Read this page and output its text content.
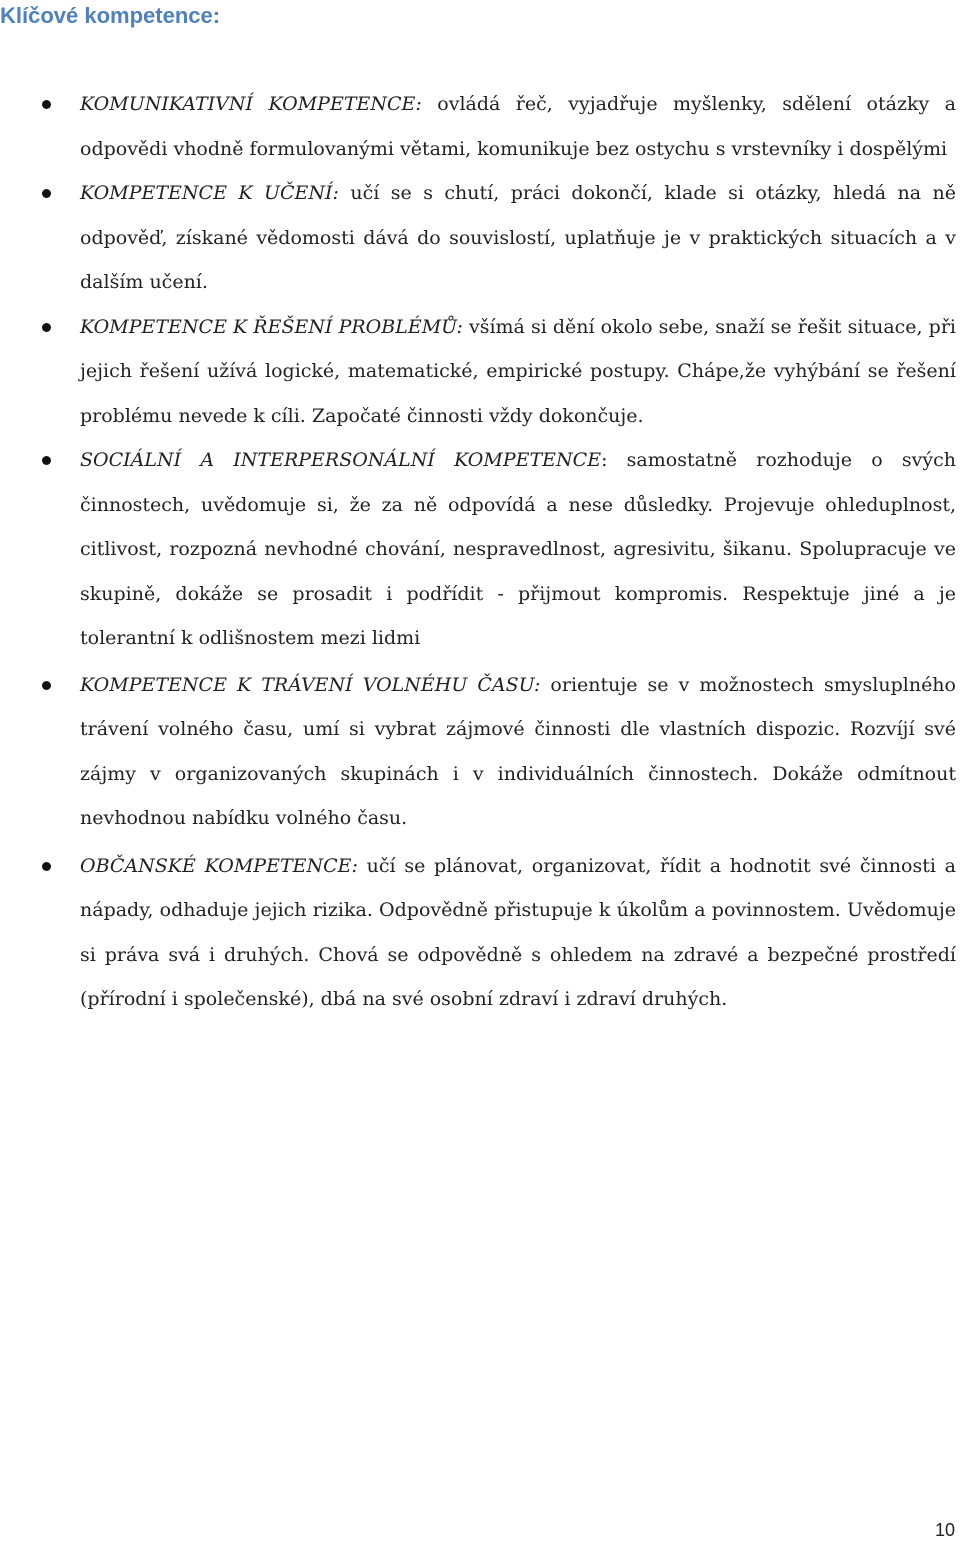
Klíčové kompetence:
KOMUNIKATIVNÍ KOMPETENCE: ovládá řeč, vyjadřuje myšlenky, sdělení otázky a odpovědi vhodně formulovanými větami, komunikuje bez ostychu s vrstevníky i dospělými
KOMPETENCE K UČENÍ: učí se s chutí, práci dokončí, klade si otázky, hledá na ně odpověď, získané vědomosti dává do souvislostí, uplatňuje je v praktických situacích a v dalším učení.
KOMPETENCE K ŘEŠENÍ PROBLÉMŮ: všímá si dění okolo sebe, snaží se řešit situace, při jejich řešení užívá logické, matematické, empirické postupy. Chápe,že vyhýbání se řešení problému nevede k cíli. Započaté činnosti vždy dokončuje.
SOCIÁLNÍ A INTERPERSONÁLNÍ KOMPETENCE: samostatně rozhoduje o svých činnostech, uvědomuje si, že za ně odpovídá a nese důsledky. Projevuje ohleduplnost, citlivost, rozpozná nevhodné chování, nespravedlnost, agresivitu, šikanu. Spolupracuje ve skupině, dokáže se prosadit i podřídit - přijmout kompromis. Respektuje jiné a je tolerantní k odlišnostem mezi lidmi
KOMPETENCE K TRÁVENÍ VOLNÉHU ČASU: orientuje se v možnostech smysluplného trávení volného času, umí si vybrat zájmové činnosti dle vlastních dispozic. Rozvíjí své zájmy v organizovaných skupinách i v individuálních činnostech. Dokáže odmítnout nevhodnou nabídku volného času.
OBČANSKÉ KOMPETENCE: učí se plánovat, organizovat, řídit a hodnotit své činnosti a nápady, odhaduje jejich rizika. Odpovědně přistupuje k úkolům a povinnostem. Uvědomuje si práva svá i druhých. Chová se odpovědně s ohledem na zdravé a bezpečné prostředí (přírodní i společenské), dbá na své osobní zdraví i zdraví druhých.
10
